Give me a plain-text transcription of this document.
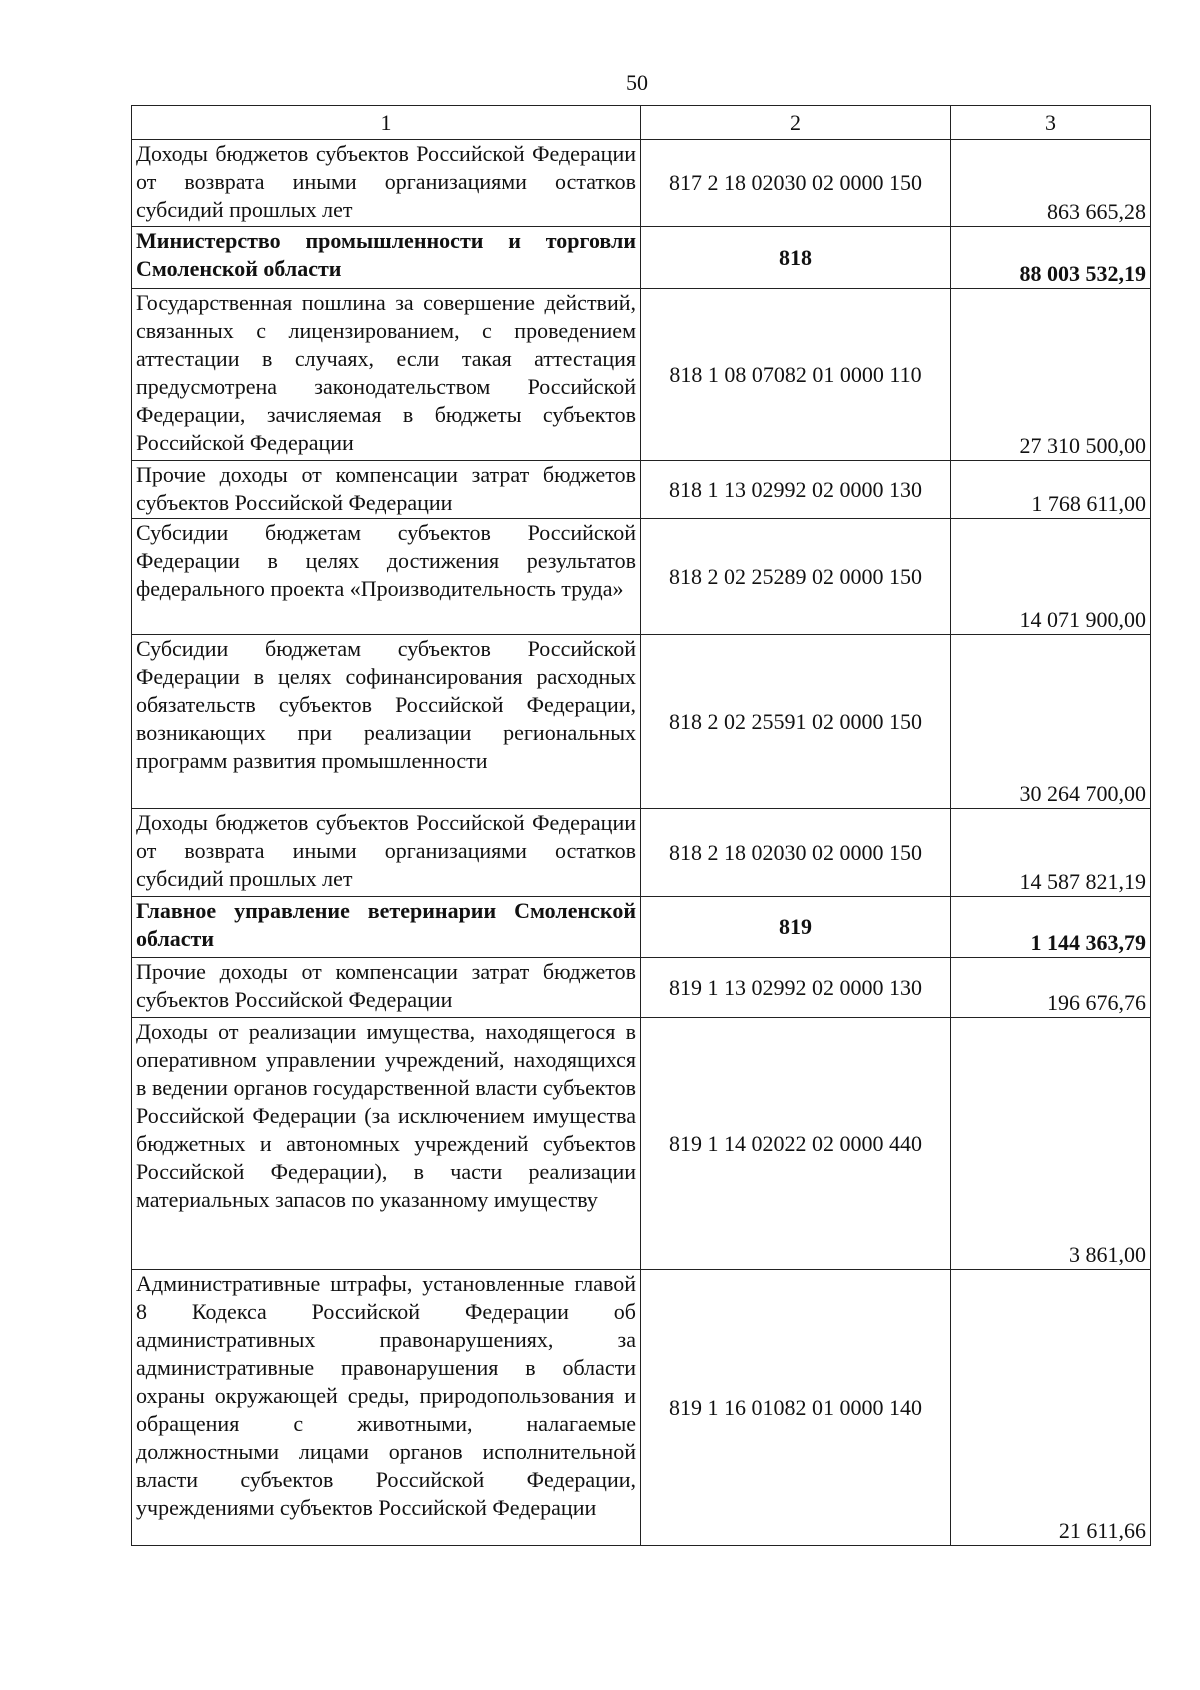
50
1	2	3
Доходы бюджетов субъектов Российской Федерации от возврата иными организациями остатков субсидий прошлых лет	817 2 18 02030 02 0000 150	863 665,28
Министерство промышленности и торговли Смоленской области	818	88 003 532,19
Государственная пошлина за совершение действий, связанных с лицензированием, с проведением аттестации в случаях, если такая аттестация предусмотрена законодательством Российской Федерации, зачисляемая в бюджеты субъектов Российской Федерации	818 1 08 07082 01 0000 110	27 310 500,00
Прочие доходы от компенсации затрат бюджетов субъектов Российской Федерации	818 1 13 02992 02 0000 130	1 768 611,00
Субсидии бюджетам субъектов Российской Федерации в целях достижения результатов федерального проекта «Производительность труда»	818 2 02 25289 02 0000 150	14 071 900,00
Субсидии бюджетам субъектов Российской Федерации в целях софинансирования расходных обязательств субъектов Российской Федерации, возникающих при реализации региональных программ развития промышленности	818 2 02 25591 02 0000 150	30 264 700,00
Доходы бюджетов субъектов Российской Федерации от возврата иными организациями остатков субсидий прошлых лет	818 2 18 02030 02 0000 150	14 587 821,19
Главное управление ветеринарии Смоленской области	819	1 144 363,79
Прочие доходы от компенсации затрат бюджетов субъектов Российской Федерации	819 1 13 02992 02 0000 130	196 676,76
Доходы от реализации имущества, находящегося в оперативном управлении учреждений, находящихся в ведении органов государственной власти субъектов Российской Федерации (за исключением имущества бюджетных и автономных учреждений субъектов Российской Федерации), в части реализации материальных запасов по указанному имуществу	819 1 14 02022 02 0000 440	3 861,00
Административные штрафы, установленные главой 8 Кодекса Российской Федерации об административных правонарушениях, за административные правонарушения в области охраны окружающей среды, природопользования и обращения с животными, налагаемые должностными лицами органов исполнительной власти субъектов Российской Федерации, учреждениями субъектов Российской Федерации	819 1 16 01082 01 0000 140	21 611,66
